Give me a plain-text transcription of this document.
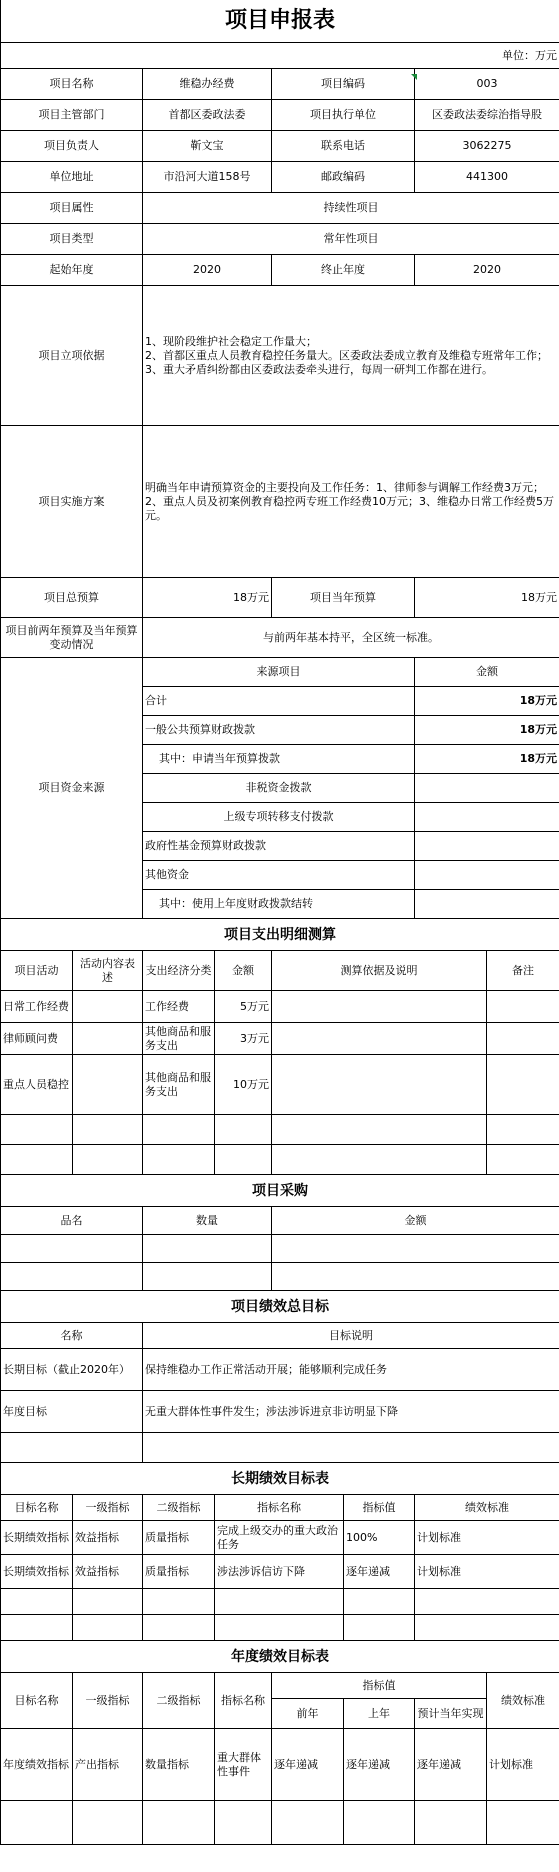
项目申报表							
单位：万元							
项目名称		维稳办经费		项目编码		003	
项目主管部门		首都区委政法委		项目执行单位		区委政法委综治指导股	
项目负责人		靳文宝		联系电话		3062275	
单位地址		市沿河大道158号		邮政编码		441300	
项目属性		持续性项目					
项目类型		常年性项目					
起始年度		2020		终止年度		2020	
项目立项依据		1、现阶段维护社会稳定工作量大；
2、首都区重点人员教育稳控任务量大。区委政法委成立教育及维稳专班常年工作；
3、重大矛盾纠纷都由区委政法委牵头进行，每周一研判工作都在进行。					

项目实施方案		明确当年申请预算资金的主要投向及工作任务：1、律师参与调解工作经费3万元；2、重点人员及初案例教育稳控两专班工作经费10万元；3、维稳办日常工作经费5万元。					
项目总预算		18万元		项目当年预算		18万元	
项目前两年预算及当年预算变动情况		与前两年基本持平，全区统一标准。					
项目资金来源		来源项目				金额	
		合计				18万元	
		一般公共预算财政拨款				18万元	
		其中：申请当年预算拨款				18万元	
		非税资金拨款					
		上级专项转移支付拨款					
		政府性基金预算财政拨款					
		其他资金					
		其中：使用上年度财政拨款结转					
项目支出明细测算							
项目活动	活动内容表述	支出经济分类	金额	测算依据及说明			备注
日常工作经费		工作经费	5万元				
律师顾问费		其他商品和服务支出	3万元				
重点人员稳控		其他商品和服务支出	10万元				

项目采购							
品名		数量		金额			

项目绩效总目标							
名称		目标说明					
长期目标（截止2020年）		保持维稳办工作正常活动开展；能够顺利完成任务					
年度目标		无重大群体性事件发生；涉法涉诉进京非访明显下降					

长期绩效目标表							
目标名称	一级指标	二级指标	指标名称		指标值	绩效标准	
长期绩效指标	效益指标	质量指标	完成上级交办的重大政治任务		100%	计划标准	
长期绩效指标	效益指标	质量指标	涉法涉诉信访下降		逐年递减	计划标准	

年度绩效目标表							
目标名称	一级指标	二级指标	指标名称	指标值			绩效标准
				前年	上年	预计当年实现	
年度绩效指标	产出指标	数量指标	重大群体性事件	逐年递减	逐年递减	逐年递减	计划标准
